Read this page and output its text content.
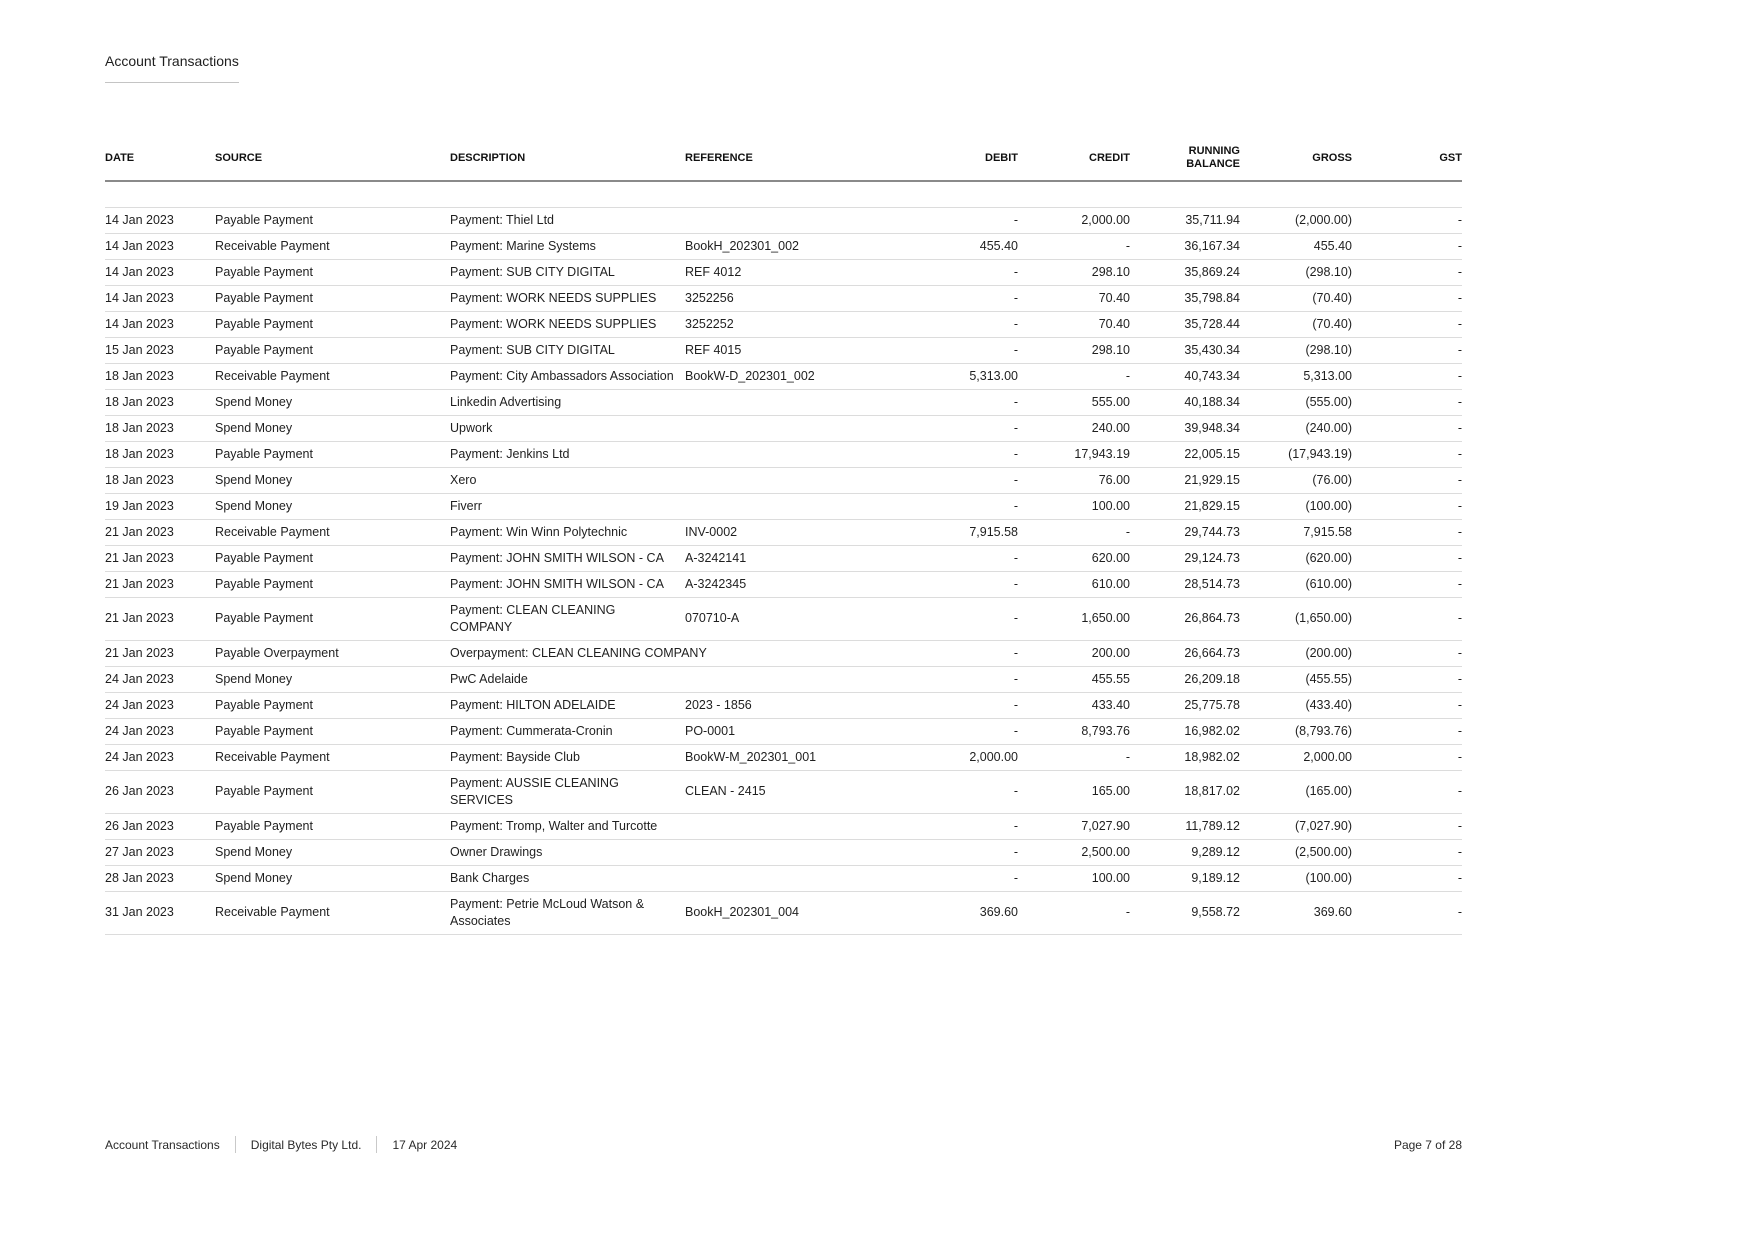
Account Transactions
DATE	SOURCE	DESCRIPTION	REFERENCE	DEBIT	CREDIT	RUNNING BALANCE	GROSS	GST

14 Jan 2023	Payable Payment	Payment: Thiel Ltd		-	2,000.00	35,711.94	(2,000.00)	-
14 Jan 2023	Receivable Payment	Payment: Marine Systems	BookH_202301_002	455.40	-	36,167.34	455.40	-
14 Jan 2023	Payable Payment	Payment: SUB CITY DIGITAL	REF 4012	-	298.10	35,869.24	(298.10)	-
14 Jan 2023	Payable Payment	Payment: WORK NEEDS SUPPLIES	3252256	-	70.40	35,798.84	(70.40)	-
14 Jan 2023	Payable Payment	Payment: WORK NEEDS SUPPLIES	3252252	-	70.40	35,728.44	(70.40)	-
15 Jan 2023	Payable Payment	Payment: SUB CITY DIGITAL	REF 4015	-	298.10	35,430.34	(298.10)	-
18 Jan 2023	Receivable Payment	Payment: City Ambassadors Association	BookW-D_202301_002	5,313.00	-	40,743.34	5,313.00	-
18 Jan 2023	Spend Money	Linkedin Advertising		-	555.00	40,188.34	(555.00)	-
18 Jan 2023	Spend Money	Upwork		-	240.00	39,948.34	(240.00)	-
18 Jan 2023	Payable Payment	Payment: Jenkins Ltd		-	17,943.19	22,005.15	(17,943.19)	-
18 Jan 2023	Spend Money	Xero		-	76.00	21,929.15	(76.00)	-
19 Jan 2023	Spend Money	Fiverr		-	100.00	21,829.15	(100.00)	-
21 Jan 2023	Receivable Payment	Payment: Win Winn Polytechnic	INV-0002	7,915.58	-	29,744.73	7,915.58	-
21 Jan 2023	Payable Payment	Payment: JOHN SMITH WILSON - CA	A-3242141	-	620.00	29,124.73	(620.00)	-
21 Jan 2023	Payable Payment	Payment: JOHN SMITH WILSON - CA	A-3242345	-	610.00	28,514.73	(610.00)	-
21 Jan 2023	Payable Payment	Payment: CLEAN CLEANING COMPANY	070710-A	-	1,650.00	26,864.73	(1,650.00)	-
21 Jan 2023	Payable Overpayment	Overpayment: CLEAN CLEANING COMPANY		-	200.00	26,664.73	(200.00)	-
24 Jan 2023	Spend Money	PwC Adelaide		-	455.55	26,209.18	(455.55)	-
24 Jan 2023	Payable Payment	Payment: HILTON ADELAIDE	2023 - 1856	-	433.40	25,775.78	(433.40)	-
24 Jan 2023	Payable Payment	Payment: Cummerata-Cronin	PO-0001	-	8,793.76	16,982.02	(8,793.76)	-
24 Jan 2023	Receivable Payment	Payment: Bayside Club	BookW-M_202301_001	2,000.00	-	18,982.02	2,000.00	-
26 Jan 2023	Payable Payment	Payment: AUSSIE CLEANING SERVICES	CLEAN - 2415	-	165.00	18,817.02	(165.00)	-
26 Jan 2023	Payable Payment	Payment: Tromp, Walter and Turcotte		-	7,027.90	11,789.12	(7,027.90)	-
27 Jan 2023	Spend Money	Owner Drawings		-	2,500.00	9,289.12	(2,500.00)	-
28 Jan 2023	Spend Money	Bank Charges		-	100.00	9,189.12	(100.00)	-
31 Jan 2023	Receivable Payment	Payment: Petrie McLoud Watson & Associates	BookH_202301_004	369.60	-	9,558.72	369.60	-
Account Transactions	Digital Bytes Pty Ltd.	17 Apr 2024	Page 7 of 28
